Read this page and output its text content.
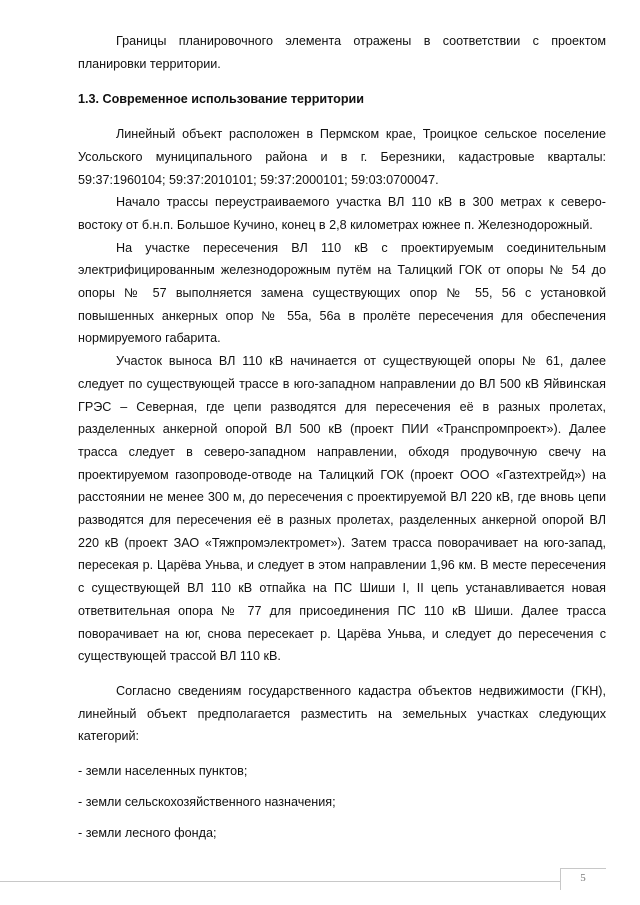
Границы планировочного элемента отражены в соответствии с проектом планировки территории.

1.3. Современное использование территории

Линейный объект расположен в Пермском крае, Троицкое сельское поселение Усольского муниципального района и в г. Березники, кадастровые кварталы: 59:37:1960104; 59:37:2010101; 59:37:2000101; 59:03:0700047.

Начало трассы переустраиваемого участка ВЛ 110 кВ в 300 метрах к северо-востоку от б.н.п. Большое Кучино, конец в 2,8 километрах южнее п. Железнодорожный.

На участке пересечения ВЛ 110 кВ с проектируемым соединительным электрифицированным железнодорожным путём на Талицкий ГОК от опоры № 54 до опоры № 57 выполняется замена существующих опор № 55, 56 с установкой повышенных анкерных опор № 55а, 56а в пролёте пересечения для обеспечения нормируемого габарита.

Участок выноса ВЛ 110 кВ начинается от существующей опоры № 61, далее следует по существующей трассе в юго-западном направлении до ВЛ 500 кВ Яйвинская ГРЭС – Северная, где цепи разводятся для пересечения её в разных пролетах, разделенных анкерной опорой ВЛ 500 кВ (проект ПИИ «Транспромпроект»). Далее трасса следует в северо-западном направлении, обходя продувочную свечу на проектируемом газопроводе-отводе на Талицкий ГОК (проект ООО «Газтехтрейд») на расстоянии не менее 300 м, до пересечения с проектируемой ВЛ 220 кВ, где вновь цепи разводятся для пересечения её в разных пролетах, разделенных анкерной опорой ВЛ 220 кВ (проект ЗАО «Тяжпромэлектромет»). Затем трасса поворачивает на юго-запад, пересекая р. Царёва Уньва, и следует в этом направлении 1,96 км. В месте пересечения с существующей ВЛ 110 кВ отпайка на ПС Шиши I, II цепь устанавливается новая ответвительная опора № 77 для присоединения ПС 110 кВ Шиши. Далее трасса поворачивает на юг, снова пересекает р. Царёва Уньва, и следует до пересечения с существующей трассой ВЛ 110 кВ.

Согласно сведениям государственного кадастра объектов недвижимости (ГКН), линейный объект предполагается разместить на земельных участках следующих категорий:

- земли населенных пунктов;
- земли сельскохозяйственного назначения;
- земли лесного фонда;
5
